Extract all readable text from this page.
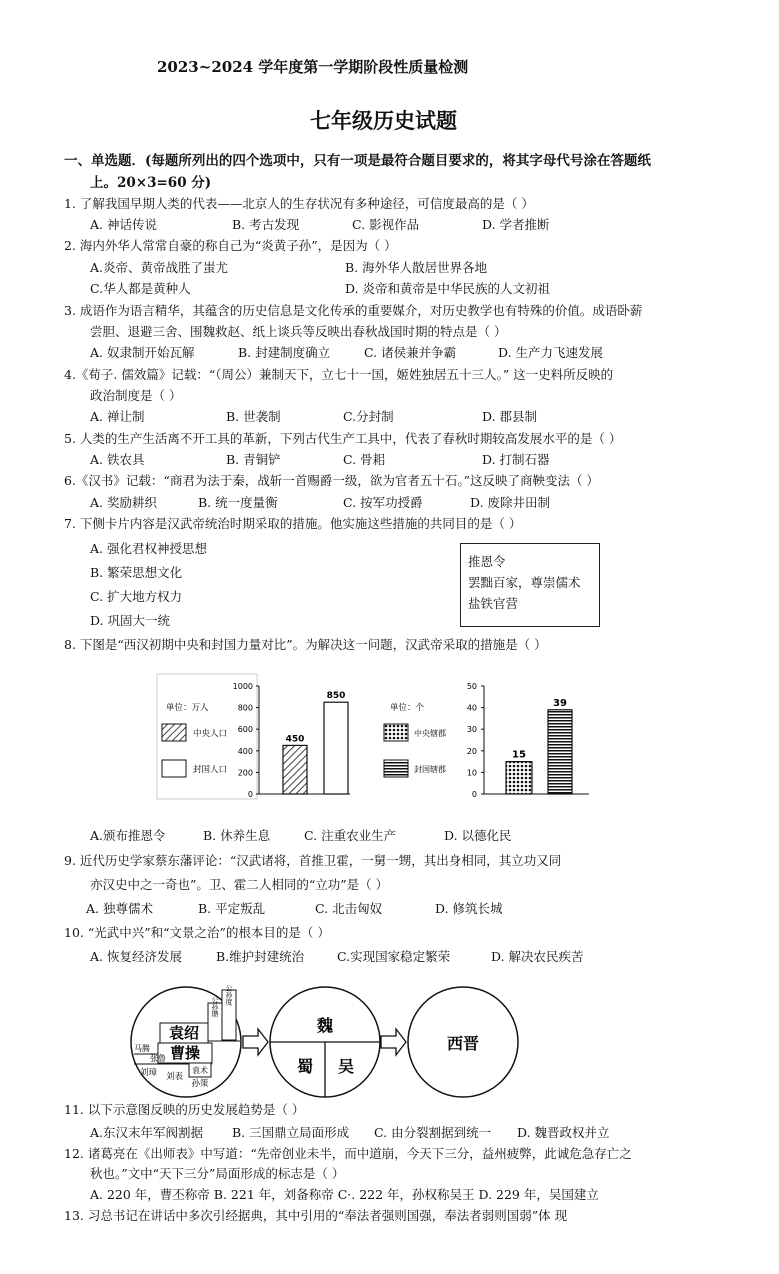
2023~2024 学年度第一学期阶段性质量检测
七年级历史试题
一、单选题．(每题所列出的四个选项中，只有一项是最符合题目要求的，将其字母代号涂在答题纸
上。20×3=60 分)
1. 了解我国早期人类的代表——北京人的生存状况有多种途径，可信度最高的是（ ）
A. 神话传说	B. 考古发现	C. 影视作品	D. 学者推断
2. 海内外华人常常自豪的称自己为“炎黄子孙”，是因为（ ）
A.炎帝、黄帝战胜了蚩尤	B. 海外华人散居世界各地
C.华人都是黄种人	D. 炎帝和黄帝是中华民族的人文初祖
3. 成语作为语言精华，其蕴含的历史信息是文化传承的重要媒介，对历史教学也有特殊的价值。成语卧薪
尝胆、退避三舍、围魏救赵、纸上谈兵等反映出春秋战国时期的特点是（ ）
A. 奴隶制开始瓦解	B. 封建制度确立	C. 诸侯兼并争霸	D. 生产力飞速发展
4.《荀子. 儒效篇》记载：“（周公）兼制天下，立七十一国，姬姓独居五十三人。” 这一史料所反映的
政治制度是（ ）
A. 禅让制	B. 世袭制	C.分封制	D. 郡县制
5. 人类的生产生活离不开工具的革新，下列古代生产工具中，代表了春秋时期较高发展水平的是（ ）
A. 铁农具	B. 青铜铲	C. 骨耜	D. 打制石器
6.《汉书》记载：“商君为法于秦，战斩一首赐爵一级，欲为官者五十石。”这反映了商鞅变法（ ）
A. 奖励耕织	B. 统一度量衡	C. 按军功授爵	D. 废除井田制
7. 下侧卡片内容是汉武帝统治时期采取的措施。他实施这些措施的共同目的是（ ）
A. 强化君权神授思想
B. 繁荣思想文化
C. 扩大地方权力
D. 巩固大一统
推恩令
罢黜百家，尊崇儒术
盐铁官营
8. 下图是“西汉初期中央和封国力量对比”。为解决这一问题，汉武帝采取的措施是（ ）
单位：万人
中央人口
封国人口
单位：个
中央辖郡
封国辖郡
0
200
400
600
800
1000
450
850
0
10
20
30
40
50
15
39
A.颁布推恩令	B. 休养生息	C. 注重农业生产	D. 以德化民
9. 近代历史学家蔡东藩评论：“汉武诸将，首推卫霍，一舅一甥，其出身相同，其立功又同
亦汉史中之一奇也”。卫、霍二人相同的“立功”是（ ）
A. 独尊儒术	B. 平定叛乱	C. 北击匈奴	D. 修筑长城
10. “光武中兴”和“文景之治”的根本目的是（ ）
A. 恢复经济发展	B.维护封建统治	C.实现国家稳定繁荣	D. 解决农民疾苦
袁绍
曹操
公孙瓒
公孙度
马腾
张鲁
刘璋 刘表
袁术
孙策
魏
蜀 吴
西晋
11. 以下示意图反映的历史发展趋势是（ ）
A.东汉末年军阀割据 B. 三国鼎立局面形成 C. 由分裂割据到统一 D. 魏晋政权并立
12. 诸葛亮在《出师表》中写道：“先帝创业未半，而中道崩，今天下三分，益州疲弊，此诚危急存亡之
秋也。”文中“天下三分”局面形成的标志是（ ）
A. 220 年，曹丕称帝 B. 221 年，刘备称帝 C·. 222 年，孙权称吴王 D. 229 年，吴国建立
13. 习总书记在讲话中多次引经据典，其中引用的“奉法者强则国强，奉法者弱则国弱”体 现
